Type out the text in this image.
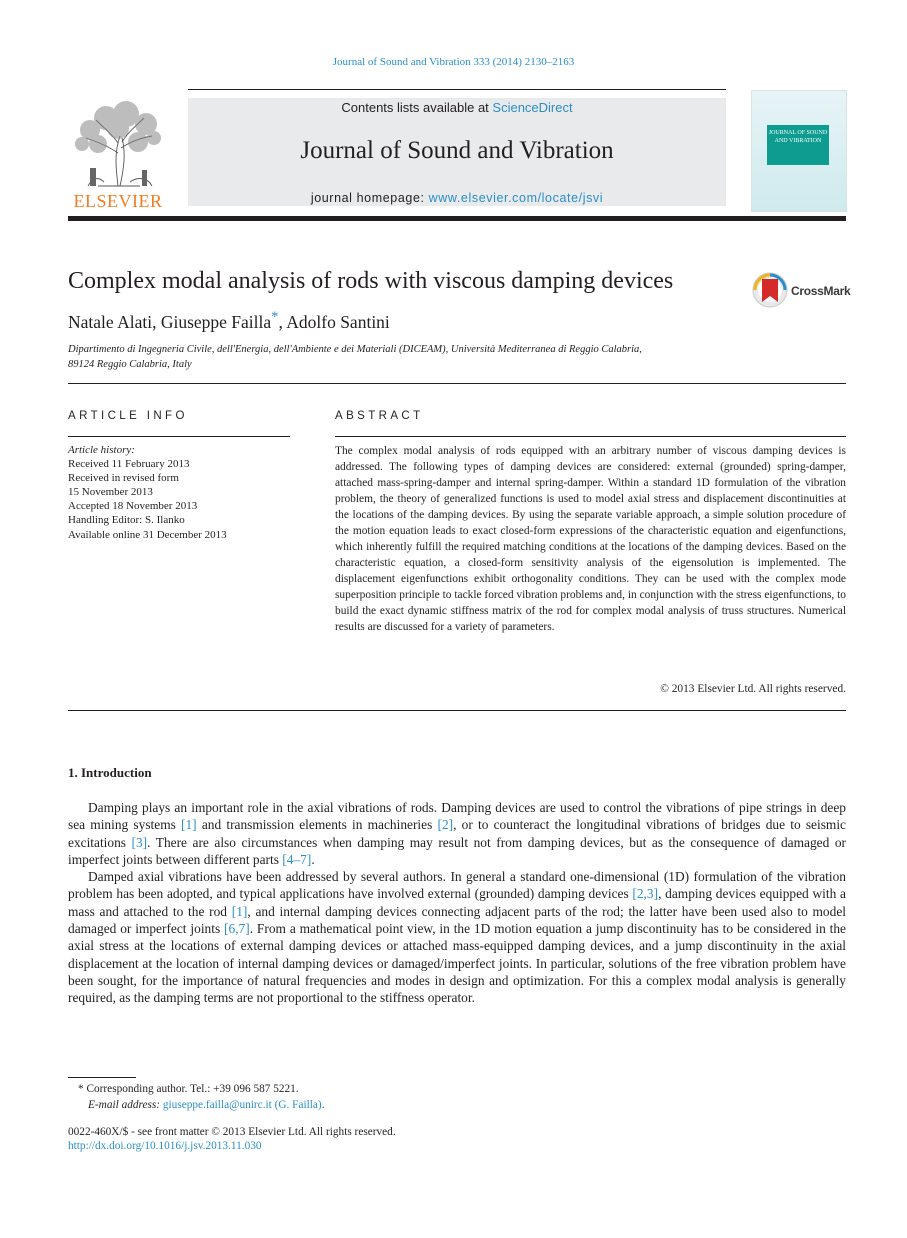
Journal of Sound and Vibration 333 (2014) 2130–2163
Contents lists available at ScienceDirect
Journal of Sound and Vibration
journal homepage: www.elsevier.com/locate/jsvi
ELSEVIER
JOURNAL OF SOUND AND VIBRATION
Complex modal analysis of rods with viscous damping devices	CrossMark
Natale Alati, Giuseppe Failla*, Adolfo Santini
Dipartimento di Ingegneria Civile, dell'Energia, dell'Ambiente e dei Materiali (DICEAM), Università Mediterranea di Reggio Calabria,
89124 Reggio Calabria, Italy
ARTICLE INFO	ABSTRACT
Article history:
Received 11 February 2013
Received in revised form
15 November 2013
Accepted 18 November 2013
Handling Editor: S. Ilanko
Available online 31 December 2013
The complex modal analysis of rods equipped with an arbitrary number of viscous damping devices is addressed. The following types of damping devices are considered: external (grounded) spring-damper, attached mass-spring-damper and internal spring-damper. Within a standard 1D formulation of the vibration problem, the theory of generalized functions is used to model axial stress and displacement discontinuities at the locations of the damping devices. By using the separate variable approach, a simple solution procedure of the motion equation leads to exact closed-form expressions of the characteristic equation and eigenfunctions, which inherently fulfill the required matching conditions at the locations of the damping devices. Based on the characteristic equation, a closed-form sensitivity analysis of the eigensolution is implemented. The displacement eigenfunctions exhibit orthogonality conditions. They can be used with the complex mode superposition principle to tackle forced vibration problems and, in conjunction with the stress eigenfunctions, to build the exact dynamic stiffness matrix of the rod for complex modal analysis of truss structures. Numerical results are discussed for a variety of parameters.
© 2013 Elsevier Ltd. All rights reserved.
1. Introduction

Damping plays an important role in the axial vibrations of rods. Damping devices are used to control the vibrations of pipe strings in deep sea mining systems [1] and transmission elements in machineries [2], or to counteract the longitudinal vibrations of bridges due to seismic excitations [3]. There are also circumstances when damping may result not from damping devices, but as the consequence of damaged or imperfect joints between different parts [4–7].

Damped axial vibrations have been addressed by several authors. In general a standard one-dimensional (1D) formulation of the vibration problem has been adopted, and typical applications have involved external (grounded) damping devices [2,3], damping devices equipped with a mass and attached to the rod [1], and internal damping devices connecting adjacent parts of the rod; the latter have been used also to model damaged or imperfect joints [6,7]. From a mathematical point view, in the 1D motion equation a jump discontinuity has to be considered in the axial stress at the locations of external damping devices or attached mass-equipped damping devices, and a jump discontinuity in the axial displacement at the location of internal damping devices or damaged/imperfect joints. In particular, solutions of the free vibration problem have been sought, for the importance of natural frequencies and modes in design and optimization. For this a complex modal analysis is generally required, as the damping terms are not proportional to the stiffness operator.

* Corresponding author. Tel.: +39 096 587 5221.
E-mail address: giuseppe.failla@unirc.it (G. Failla).
0022-460X/$ - see front matter © 2013 Elsevier Ltd. All rights reserved.
http://dx.doi.org/10.1016/j.jsv.2013.11.030
